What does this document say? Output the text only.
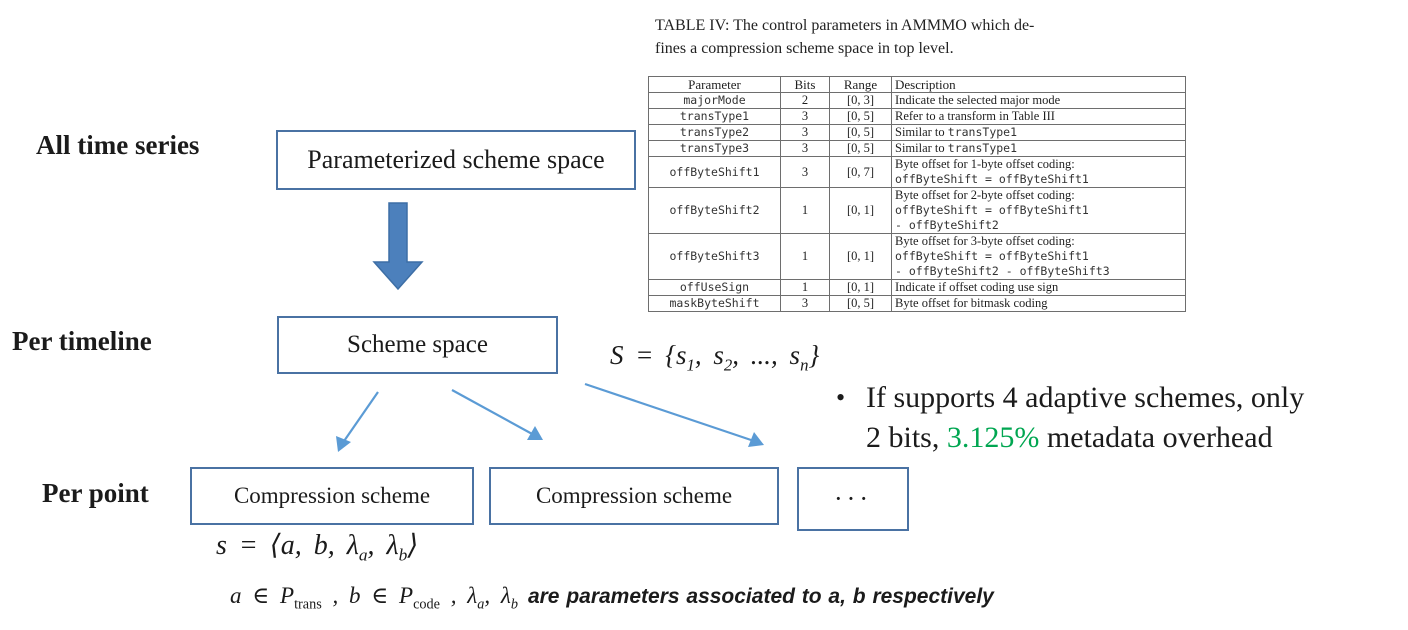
All time series
Per timeline
Per point
Parameterized scheme space
Scheme space
Compression scheme	Compression scheme	···
$S = \{s_1$, $s_2$, ..., $s_n$}
s = ⟨a, b, $\lambda_a$, $\lambda_b⟩$
a ∈ $P_{trans}$ , b ∈ $P_{code}$ , $\lambda_a$, $\lambda_b$ are parameters associated to a, b respectively
• If supports 4 adaptive schemes, only
2 bits, 3.125% metadata overhead
TABLE IV: The control parameters in AMMMO which de-
fines a compression scheme space in top level.
Parameter	Bits	Range	Description
majorMode	2	[0, 3]	Indicate the selected major mode
transType1	3	[0, 5]	Refer to a transform in Table III
transType2	3	[0, 5]	Similar to transType1
transType3	3	[0, 5]	Similar to transType1
offByteShift1	3	[0, 7]	Byte offset for 1-byte offset coding:
offByteShift = offByteShift1

offByteShift2	1	[0, 1]	Byte offset for 2-byte offset coding:
offByteShift = offByteShift1
- offByteShift2

offByteShift3	1	[0, 1]	Byte offset for 3-byte offset coding:
offByteShift = offByteShift1
- offByteShift2 - offByteShift3

offUseSign	1	[0, 1]	Indicate if offset coding use sign
maskByteShift	3	[0, 5]	Byte offset for bitmask coding
